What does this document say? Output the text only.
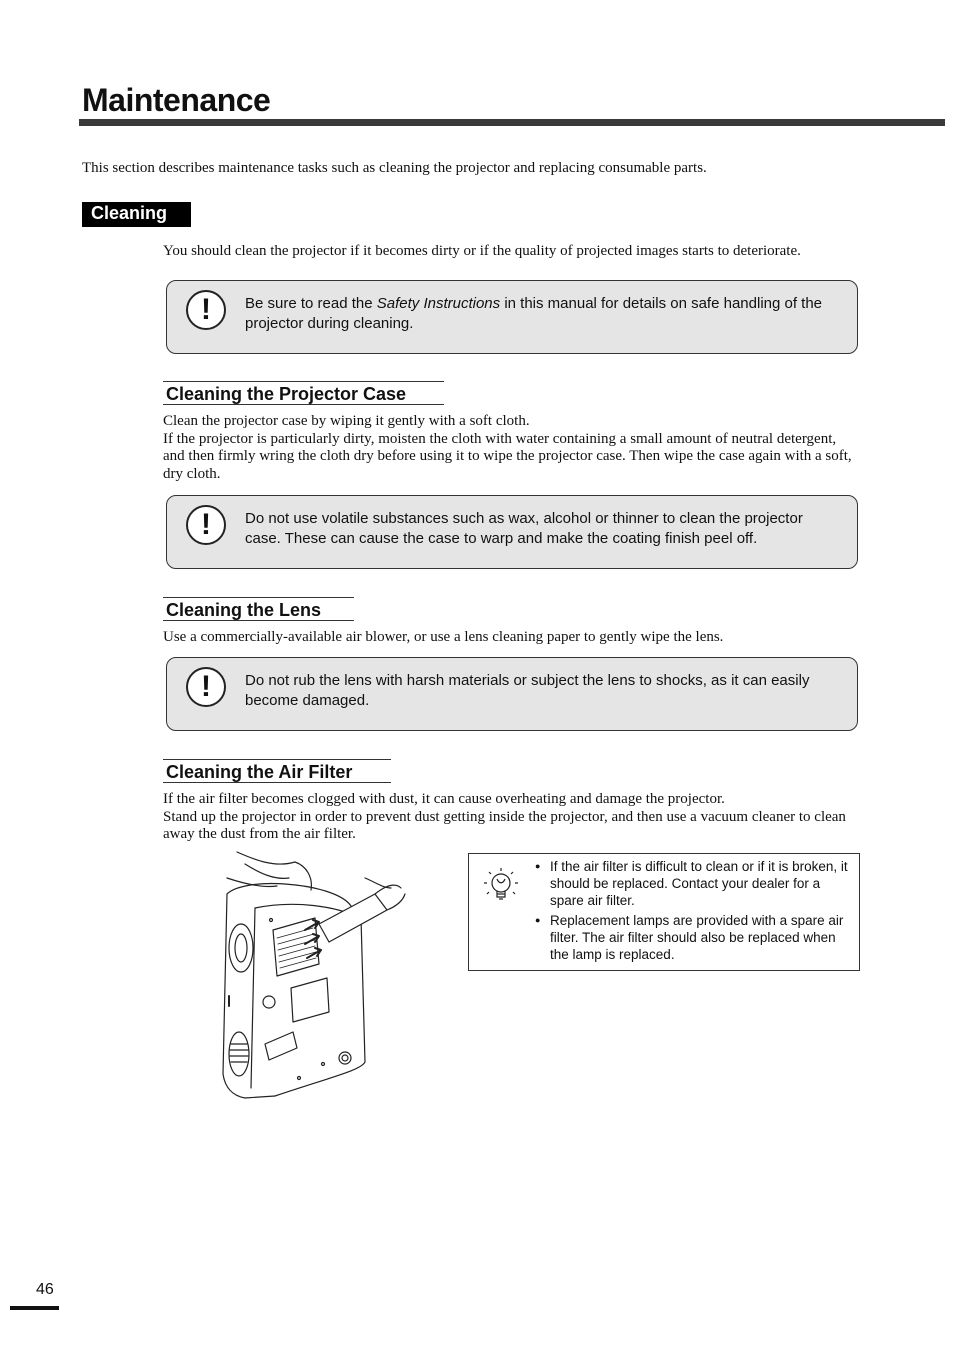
Maintenance
This section describes maintenance tasks such as cleaning the projector and replacing consumable parts.
Cleaning
You should clean the projector if it becomes dirty or if the quality of projected images starts to deteriorate.
!	Be sure to read the Safety Instructions in this manual for details on safe handling of the projector during cleaning.
Cleaning the Projector Case
Clean the projector case by wiping it gently with a soft cloth.
If the projector is particularly dirty, moisten the cloth with water containing a small amount of neutral detergent, and then firmly wring the cloth dry before using it to wipe the projector case. Then wipe the case again with a soft, dry cloth.
!	Do not use volatile substances such as wax, alcohol or thinner to clean the projector case. These can cause the case to warp and make the coating finish peel off.
Cleaning the Lens
Use a commercially-available air blower, or use a lens cleaning paper to gently wipe the lens.
!	Do not rub the lens with harsh materials or subject the lens to shocks, as it can easily become damaged.
Cleaning the Air Filter
If the air filter becomes clogged with dust, it can cause overheating and damage the projector.
Stand up the projector in order to prevent dust getting inside the projector, and then use a vacuum cleaner to clean away the dust from the air filter.
● If the air filter is difficult to clean or if it is broken, it should be replaced. Contact your dealer for a spare air filter.
● Replacement lamps are provided with a spare air filter. The air filter should also be replaced when the lamp is replaced.
46
